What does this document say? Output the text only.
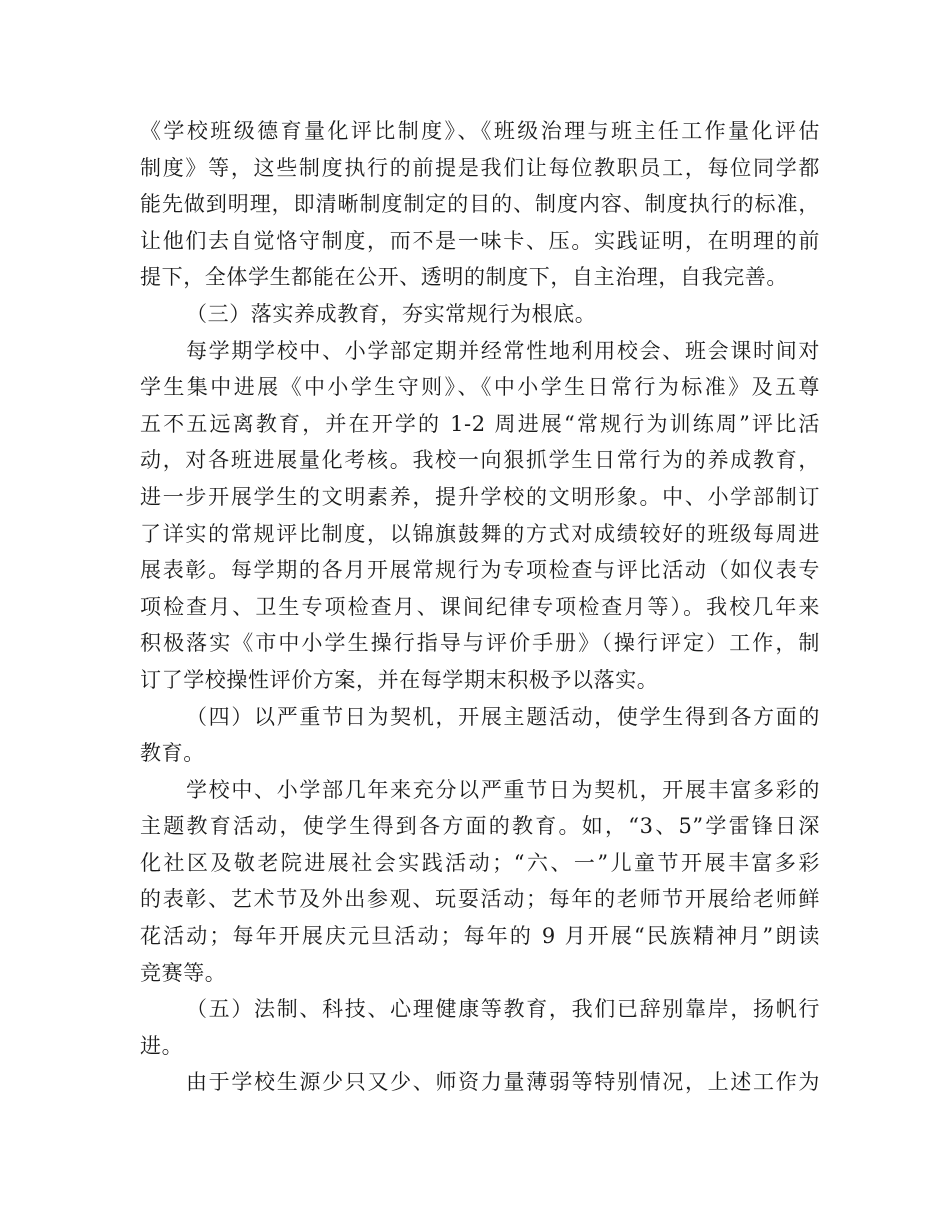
《学校班级德育量化评比制度》、《班级治理与班主任工作量化评估
制度》等，这些制度执行的前提是我们让每位教职员工，每位同学都
能先做到明理，即清晰制度制定的目的、制度内容、制度执行的标准，
让他们去自觉恪守制度，而不是一味卡、压。实践证明，在明理的前
提下，全体学生都能在公开、透明的制度下，自主治理，自我完善。
（三）落实养成教育，夯实常规行为根底。
每学期学校中、小学部定期并经常性地利用校会、班会课时间对
学生集中进展《中小学生守则》、《中小学生日常行为标准》及五尊
五不五远离教育，并在开学的 1-2 周进展“常规行为训练周”评比活
动，对各班进展量化考核。我校一向狠抓学生日常行为的养成教育，
进一步开展学生的文明素养，提升学校的文明形象。中、小学部制订
了详实的常规评比制度，以锦旗鼓舞的方式对成绩较好的班级每周进
展表彰。每学期的各月开展常规行为专项检查与评比活动（如仪表专
项检查月、卫生专项检查月、课间纪律专项检查月等）。我校几年来
积极落实《市中小学生操行指导与评价手册》（操行评定）工作，制
订了学校操性评价方案，并在每学期末积极予以落实。
（四）以严重节日为契机，开展主题活动，使学生得到各方面的
教育。
学校中、小学部几年来充分以严重节日为契机，开展丰富多彩的
主题教育活动，使学生得到各方面的教育。如，“3、5”学雷锋日深
化社区及敬老院进展社会实践活动；“六、一”儿童节开展丰富多彩
的表彰、艺术节及外出参观、玩耍活动；每年的老师节开展给老师鲜
花活动；每年开展庆元旦活动；每年的 9 月开展“民族精神月”朗读
竞赛等。
（五）法制、科技、心理健康等教育，我们已辞别靠岸，扬帆行
进。
由于学校生源少只又少、师资力量薄弱等特别情况，上述工作为
